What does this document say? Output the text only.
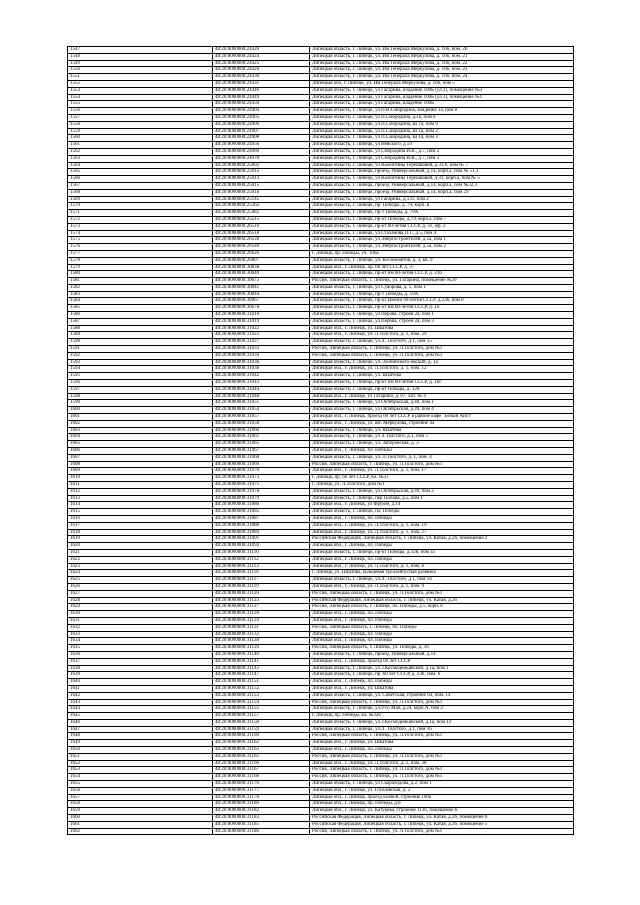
1547	48:20:0000000:24420	Липецкая область, г. Липецк, ул. Им Генерала Меркулова, д. 16б, пом. 20
1548	48:20:0000000:24424	Липецкая область, г. Липецк, ул. Им Генерала Меркулова, д. 16б, пом. 21
1549	48:20:0000000:24425	Липецкая область, г. Липецк, ул. Им Генерала Меркулова, д. 16б, пом. 22
1550	48:20:0000000:24426	Липецкая область, г. Липецк, ул. Им Генерала Меркулова, д. 16б, пом. 23
1551	48:20:0000000:24430	Липецкая область, г. Липецк, ул. Им Генерала Меркулова, д. 16б, пом. 24
1552	48:20:0000000:24431	Липецкая обл, г. Липецк, ул. Им Генерала Меркулова, д. 16б, пом 5
1553	48:20:0000000:24446	Липецкая область, г. Липецк, ул Гагарина, владение 100Б (ул.3), помещение №3
1554	48:20:0000000:24449	Липецкая область, г. Липецк, ул Гагарина, владение 100Б (ул.3), помещение №1
1555	48:20:0000000:24450	Липецкая область, г. Липецк, ул Гагарина, владение 100Б
1556	48:20:0000000:24904	Липецкая область, г. Липецк, ул П.И.Смородина, владение 1а, пом 8
1557	48:20:0000000:24905	Липецкая область, г. Липецк, ул П.Смородина, д.1а, пом 6
1558	48:20:0000000:24906	Липецкая область, г. Липецк, ул П.Смородина, вл 1а, пом 9
1559	48:20:0000000:24907	Липецкая область, г. Липецк, ул П.Смородина, вл 1а, пом 2
1560	48:20:0000000:24908	Липецкая область, г. Липецк, ул П.Смородина, вл 1а, пом 3
1561	48:20:0000000:24956	Липецкая область, г. Липецк, ул Невского, д 59
1562	48:20:0000000:24969	Липецкая область, г. Липецк, ул Смородина И.В., д.7, пом 2
1563	48:20:0000000:24970	Липецкая область, г. Липецк, ул Смородина И.В., д.7, пом 3
1564	48:20:0000000:25002	Липецкая область, г. Липецк, ул Валентины Терешковой, д.33/6, пом № 7
1565	48:20:0000000:25012	Липецкая область, г. Липецк, проезд Универсальный, д.14, корп.а, пом № 51,3
1566	48:20:0000000:25013	Липецкая область, г. Липецк, ул Валентины Терешковой, д.33, корп.а, пом № 5
1567	48:20:0000000:25015	Липецкая область, г. Липецк, проезд Универсальный, д.14, корп.а, пом №32,3
1568	48:20:0000000:25018	Липецкая область, г. Липецк, проезд Универсальный, д.14, корп.а, пом 29
1569	48:20:0000000:25145	Липецкая область, г. Липецк, ул Гагарина, д.131, пом 2
1570	48:20:0000000:25362	Липецкая область, г. Липецк, пр. Победы, д. 79, корп. в
1571	48:20:0000000:25482	Липецкая область, г. Липецк, пр-т Победы, д. 79А
1572	48:20:0000000:25515	Липецкая область, г. Липецк, пр-кт Победы, д.79, корп.а, пом 7
1573	48:20:0000000:26516	Липецкая область, г. Липецк, пр-кт 60-летия СССР, д. 31, оф. 2
1574	48:20:0000000:26518	Липецкая область, г. Липецк, ул Стаханова П.Г., д.5, пом 4
1575	48:20:0000000:26539	Липецкая область, г. Липецк, ул Энергостроителей, д.5а, пом 1
1576	48:20:0000000:26540	Липецкая область, г. Липецк, ул Энергостроителей, д.5а, пом 2
1577	48:20:0000000:26620	г. Липецк, пр. Победы, уч. 106а
1578	48:20:0000000:26807	Липецкая область, г. Липецк, ул. Космонавтов, д. 3, кв. 9
1579	48:20:0000000:30838	Липецкая обл., г. Липецк, пр. 60 лет СССР, д. 37
1580	48:20:0000000:30640	Липецкая область, г. Липецк, пр-кт им 60-летия СССР, д. 23б
1581	48:20:0000000:30673	Россия, Липецкая область, г. Липецк, ул. Гагарина, помещение №20
1582	48:20:0000000:30841	Липецкая область, г. Липецк, ул Суворова, д. 1, пом 1
1583	48:20:0000000:30844	Липецкая область, г. Липецк, пр-т Победы, д. 59А
1584	48:20:0000000:30967	Липецкая область, г. Липецк, пр-кт Имени 60-летия СССР, д.23б, пом 8
1585	48:20:0000000:30678	Липецкая область, г. Липецк, пр-кт им 60-летия СССР, д. 16
1586	48:20:0000000:31018	Липецкая область, г. Липецк, ул Перова, строен 2а, пом 1
1587	48:20:0000000:31019	Липецкая область, г. Липецк, ул Перова, строен 2а, пом 3
1588	48:20:0000000:31022	Липецкая обл., г. Липецк, ул. Шкатова
1589	48:20:0000000:31023	Липецкая обл., г. Липецк, ул. Л.Толстого, д. 1, пом. 29
1590	48:20:0000000:31027	Липецкая область, г. Липецк, ул.Л. Толстого, д.1, пом 15
1591	48:20:0000000:31033	Россия, Липецкая область, г. Липецк, ул. Л.Толстого, дом №1
1592	48:20:0000000:31034	Россия, Липецкая область, г. Липецк, ул. Л.Толстого, дом №1
1593	48:20:0000000:31036	Липецкая область, г. Липецк, ул. Злобинского-овский, д. 1а
1594	48:20:0000000:31038	Липецкая обл., г. Липецк, ул. Л.Толстого, д. 1, пом. 12
1595	48:20:0000000:31042	Липецкая область, г. Липецк, ул. Шкатова
1596	48:20:0000000:31043	Липецкая область, г. Липецк, пр-кт им 60-летия СССР, д. 18с
1597	48:20:0000000:31044	Липецкая область, г. Липецк, пр-кт Победы, д. 128
1598	48:20:0000000:31048	Липецкая обл., г. Липецк, ул Гагарина, д. 67, лит. № 4
1599	48:20:0000000:31051	Липецкая область, г. Липецк, ул Октябрьская, д.49, пом 1
1600	48:20:0000000:31054	Липецкая область, г. Липецк, ул Октябрьская, д.49, пом 4
1601	48:20:0000000:31057	Липецкая обл., г. Липецк, проезд 60 лет СССР в районе кафе "Белый Аист"
1602	48:20:0000000:31058	Липецкая обл., г. Липецк, ул. им. Меркулова, строение 44
1603	48:20:0000000:31060	Липецкая область, г. Липецк, ул. Шкатова
1604	48:20:0000000:31061	Липецкая область, г. Липецк, ул Л.Толстого, д.1, пом 5
1605	48:20:0000000:31065	Липецкая область, г. Липецк, ул. Заборовская, д. 3
1606	48:20:0000000:31067	Липецкая обл., г. Липецк, пл. Победы
1607	48:20:0000000:31068	Липецкая область, г. Липецк, ул. Л.Толстого, д. 1, пом. 4
1608	48:20:0000000:31069	Россия, Липецкая область, г. Липецк, ул. Л.Толстого, дом №1
1609	48:20:0000000:31070	Липецкая обл., г. Липецк, ул. Л.Толстого, д. 1, пом. 17
1610	48:20:0000000:31073	г. Липецк, пр. 60 лет СССР, вл. №31
1611	48:20:0000000:31075	г. Липецк, ул. Л.Толстого, дом №1
1612	48:20:0000000:31078	Липецкая область, г. Липецк, ул Октябрьская, д.49, пом 2
1613	48:20:0000000:31079	Липецкая область, г. Липецк, пер Попова, д.5, пом 1
1614	48:20:0000000:31080	Липецкая обл., г. Липецк, ул Фрунзе, д.14
1615	48:20:0000000:31085	Липецкая область, г. Липецк, пл. Победы
1616	48:20:0000000:31087	Липецкая обл., г. Липецк, пл. Победы
1617	48:20:0000000:31088	Липецкая обл., г. Липецк, ул. Л.Толстого, д. 1, пом. 19
1618	48:20:0000000:31089	Липецкая обл., г. Липецк, ул. Л.Толстого, д. 1, пом. 27
1619	48:20:0000000:31091	Российская Федерация, Липецкая область, г. Липецк, ул. Катая, д.26, помещение 2
1620	48:20:0000000:31092	Липецкая обл., г. Липецк, пл. Победы
1621	48:20:0000000:31110	Липецкая область, г. Липецк, пр-кт Победы, д.128, пом 41
1622	48:20:0000000:31112	Липецкая обл., г. Липецк, пл. Победы
1623	48:20:0000000:31113	Липецкая обл., г. Липецк, ул. Л.Толстого, д. 1, пом. 6
1624	48:20:0000000:31116	г. Липецк, ул. Шкатова, кольцевая троллейбусная развязка
1625	48:20:0000000:31117	Липецкая область, г. Липецк, ул.Л. Толстого, д.1, пом 14
1626	48:20:0000000:31119	Липецкая обл., г. Липецк, ул. Л.Толстого, д. 1, пом. 9
1627	48:20:0000000:31120	Россия, Липецкая область, г. Липецк, ул. Л.Толстого, дом №1
1628	48:20:0000000:31123	Российская Федерация, Липецкая область, г. Липецк, ул. Катая, д.26
1629	48:20:0000000:31127	Россия, Липецкая область, г. Липецк, пл. Победы, д.5, корп. 6
1630	48:20:0000000:31128	Липецкая обл., г. Липецк, пл. Победы
1631	48:20:0000000:31129	Липецкая обл., г. Липецк, пл. Победы
1632	48:20:0000000:31131	Россия, Липецкая область, г. Липецк, пл. Победы
1633	48:20:0000000:31132	Липецкая обл., г. Липецк, пл. Победы
1634	48:20:0000000:31138	Липецкая обл., г. Липецк, пл. Победы
1635	48:20:0000000:31139	Россия, Липецкая область, г. Липецк, ул. Победы, д. 16
1636	48:20:0000000:31140	Липецкая область, г. Липецк, проезд Универсальный, д.14
1637	48:20:0000000:31141	Липецкая обл., г. Липецк, проезд 60 лет СССР
1638	48:20:0000000:31143	Липецкая область, г. Липецк, ул.3.Космодемьянской, д.1а, пом 1
1639	48:20:0000000:31147	Липецкая область, г. Липецк, пр. 60 лет СССР, д. 23б, пом. 6
1640	48:20:0000000:31151	Липецкая обл., г. Липецк, пл. Победы
1641	48:20:0000000:31152	Липецкая обл., г. Липецк, ул. Шкатова
1642	48:20:0000000:31153	Липецкая область, г. Липецк, ул. Советская, строение 64, пом. 14
1643	48:20:0000000:31154	Россия, Липецкая область, г. Липецк, ул. Л.Толстого, дом №1
1644	48:20:0000000:31155	Липецкая область, г. Липецк, ул.9-го Мая, д.24, корп.А, пом 2
1645	48:20:0000000:31157	г. Липецк, пр. Победы, вл. №32б
1646	48:20:0000000:31158	Липецкая область, г. Липецк, ул.3.Космодемьянской, д.1а, пом 12
1647	48:20:0000000:31159	Липецкая область, г. Липецк, ул.Л. Толстого, д.1, пом 16
1648	48:20:0000000:31160	Россия, Липецкая область, г. Липецк, ул. Л.Толстого, дом №1
1649	48:20:0000000:31162	Липецкая обл., г. Липецк, ул. Шкатова
1650	48:20:0000000:31163	Липецкая обл., г. Липецк, пл. Победы
1651	48:20:0000000:31165	Россия, Липецкая область, г. Липецк, ул. Л.Толстого, дом №1
1652	48:20:0000000:31166	Липецкая обл., г. Липецк, ул. Л.Толстого, д. 1, пом. 38
1653	48:20:0000000:31167	Россия, Липецкая область, г. Липецк, ул. Л.Толстого, дом №1
1654	48:20:0000000:31168	Россия, Липецкая область, г. Липецк, ул. Л.Толстого, дом №1
1655	48:20:0000000:31176	Липецкая область, г. Липецк, ул Скороходова, д.2, пом 1
1656	48:20:0000000:31177	Липецкая обл., г. Липецк, ул. Гоголевская, д. 2
1657	48:20:0000000:31178	Липецкая обл., г. Липецк, проезд Боевой, строение 108а
1658	48:20:0000000:31180	Липецкая обл., г. Липецк, пр. Победы, д.8
1659	48:20:0000000:31182	Липецкая обл., г. Липецк, ул. Катукова, строение 113б, помещение 6
1660	48:20:0000000:31183	Российская Федерация, Липецкая область, г. Липецк, ул. Катая, д.26, помещение 6
1661	48:20:0000000:31185	Российская Федерация, Липецкая область, г. Липецк, ул. Катая, д.26, помещение 5
1662	48:20:0000000:31186	Россия, Липецкая область, г. Липецк, ул. Л.Толстого, дом №1
